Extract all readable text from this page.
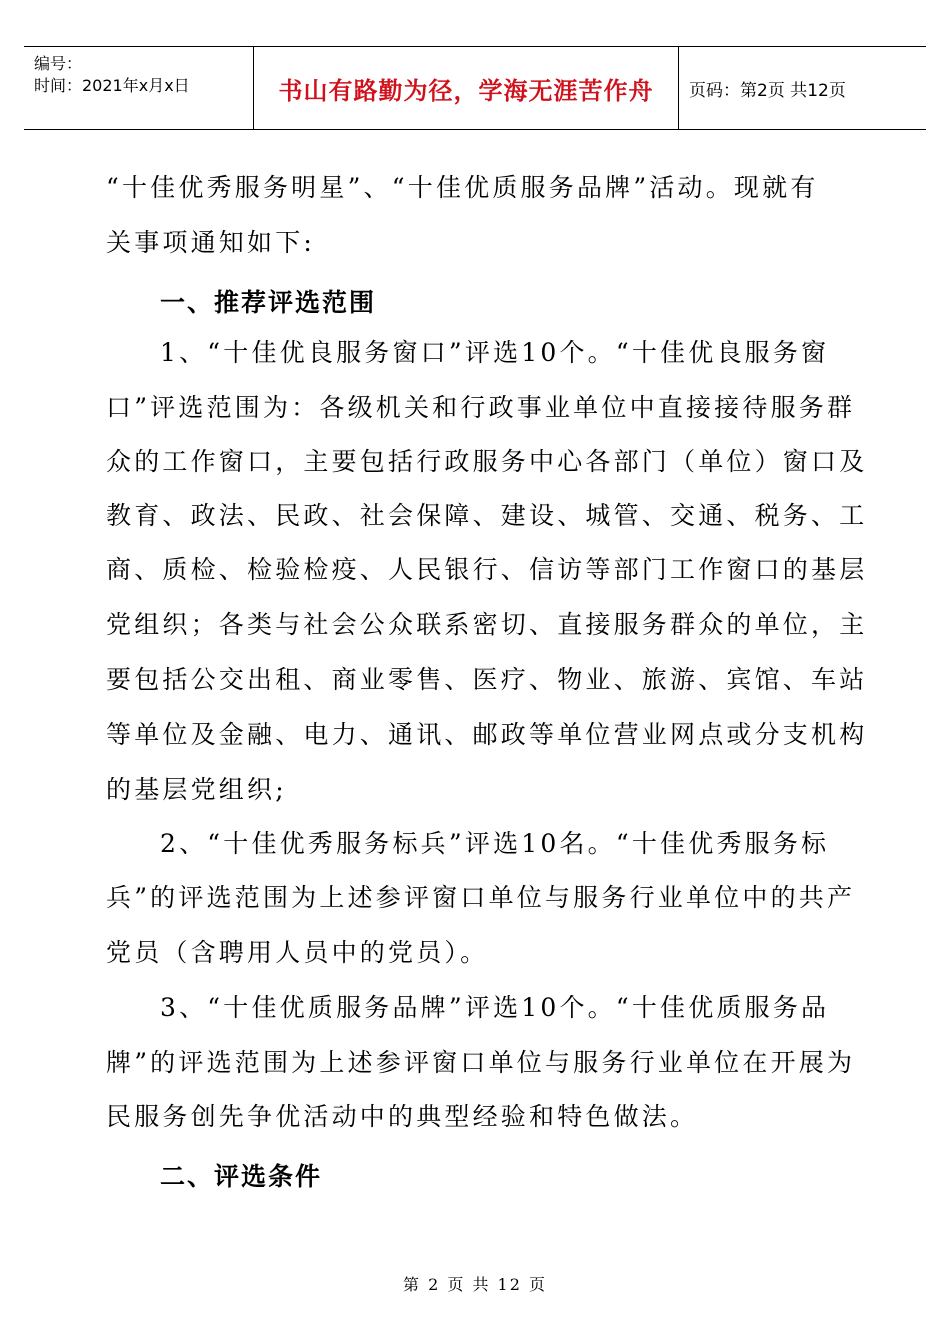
编号：
时间：2021年x月x日	书山有路勤为径，学海无涯苦作舟	页码：第2页 共12页
“十佳优秀服务明星”、“十佳优质服务品牌”活动。现就有
关事项通知如下:
一、推荐评选范围
1、“十佳优良服务窗口”评选10个。“十佳优良服务窗
口”评选范围为：各级机关和行政事业单位中直接接待服务群
众的工作窗口，主要包括行政服务中心各部门（单位）窗口及
教育、政法、民政、社会保障、建设、城管、交通、税务、工
商、质检、检验检疫、人民银行、信访等部门工作窗口的基层
党组织；各类与社会公众联系密切、直接服务群众的单位，主
要包括公交出租、商业零售、医疗、物业、旅游、宾馆、车站
等单位及金融、电力、通讯、邮政等单位营业网点或分支机构
的基层党组织;
2、“十佳优秀服务标兵”评选10名。“十佳优秀服务标
兵”的评选范围为上述参评窗口单位与服务行业单位中的共产
党员（含聘用人员中的党员）。
3、“十佳优质服务品牌”评选10个。“十佳优质服务品
牌”的评选范围为上述参评窗口单位与服务行业单位在开展为
民服务创先争优活动中的典型经验和特色做法。
二、评选条件
第 2 页 共 12 页
